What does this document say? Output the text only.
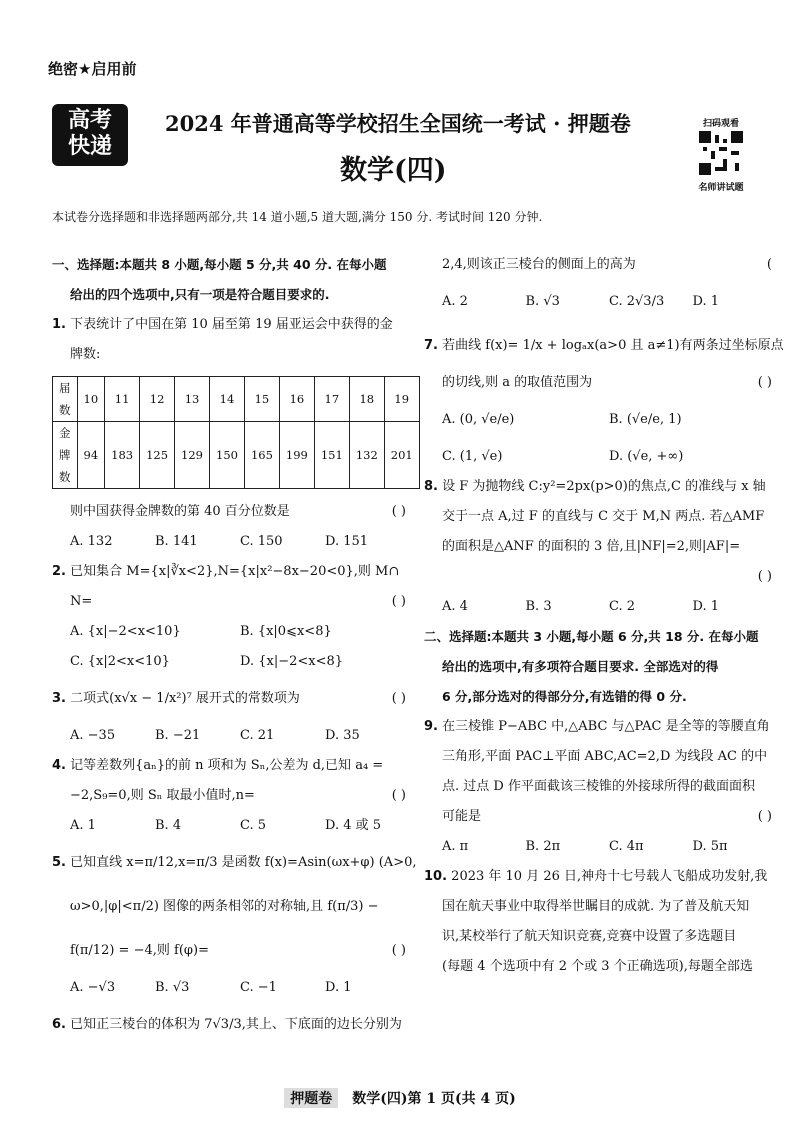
绝密★启用前
高考
快递
2024 年普通高等学校招生全国统一考试 · 押题卷
数学(四)
扫码观看
名师讲试题
本试卷分选择题和非选择题两部分,共 14 道小题,5 道大题,满分 150 分. 考试时间 120 分钟.
一、选择题:本题共 8 小题,每小题 5 分,共 40 分. 在每小题
给出的四个选项中,只有一项是符合题目要求的.
1. 下表统计了中国在第 10 届至第 19 届亚运会中获得的金
牌数:
届数	10	11	12	13	14	15	16	17	18	19
金牌数	94	183	125	129	150	165	199	151	132	201
则中国获得金牌数的第 40 百分位数是	( )
A. 132	B. 141	C. 150	D. 151
2. 已知集合 M={x|∛x<2},N={x|x²−8x−20<0},则 M∩
N=	( )
A. {x|−2<x<10}	B. {x|0⩽x<8}
C. {x|2<x<10}	D. {x|−2<x<8}
3. 二项式(x√x − 1/x²)⁷ 展开式的常数项为	( )
A. −35	B. −21	C. 21	D. 35
4. 记等差数列{aₙ}的前 n 项和为 Sₙ,公差为 d,已知 a₄ =
−2,S₉=0,则 Sₙ 取最小值时,n=	( )
A. 1	B. 4	C. 5	D. 4 或 5
5. 已知直线 x=π/12,x=π/3 是函数 f(x)=Asin(ωx+φ) (A>0,
ω>0,|φ|<π/2) 图像的两条相邻的对称轴,且 f(π/3) −
f(π/12) = −4,则 f(φ)=	( )
A. −√3	B. √3	C. −1	D. 1
6. 已知正三棱台的体积为 7√3/3,其上、下底面的边长分别为
2,4,则该正三棱台的侧面上的高为	(
A. 2	B. √3	C. 2√3/3	D. 1
7. 若曲线 f(x)= 1/x + logₐx(a>0 且 a≠1)有两条过坐标原点
的切线,则 a 的取值范围为	( )
A. (0, √e/e)	B. (√e/e, 1)
C. (1, √e)	D. (√e, +∞)
8. 设 F 为抛物线 C:y²=2px(p>0)的焦点,C 的准线与 x 轴
交于一点 A,过 F 的直线与 C 交于 M,N 两点. 若△AMF
的面积是△ANF 的面积的 3 倍,且|NF|=2,则|AF|=
( )
A. 4	B. 3	C. 2	D. 1
二、选择题:本题共 3 小题,每小题 6 分,共 18 分. 在每小题
给出的选项中,有多项符合题目要求. 全部选对的得
6 分,部分选对的得部分分,有选错的得 0 分.
9. 在三棱锥 P−ABC 中,△ABC 与△PAC 是全等的等腰直角
三角形,平面 PAC⊥平面 ABC,AC=2,D 为线段 AC 的中
点. 过点 D 作平面截该三棱锥的外接球所得的截面面积
可能是	( )
A. π	B. 2π	C. 4π	D. 5π
10. 2023 年 10 月 26 日,神舟十七号载人飞船成功发射,我
国在航天事业中取得举世瞩目的成就. 为了普及航天知
识,某校举行了航天知识竞赛,竞赛中设置了多选题目
(每题 4 个选项中有 2 个或 3 个正确选项),每题全部选
押题卷 数学(四)第 1 页(共 4 页)
